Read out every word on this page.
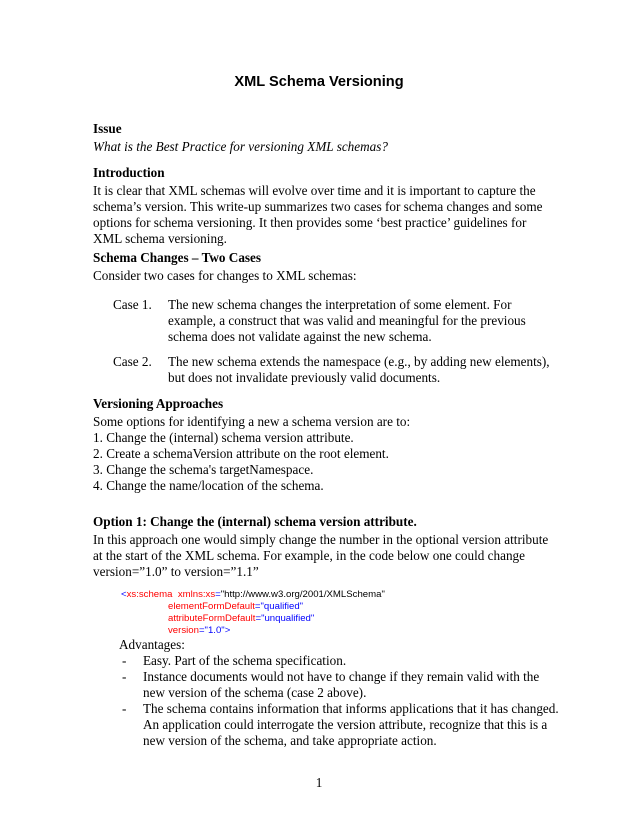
XML Schema Versioning

Issue

What is the Best Practice for versioning XML schemas?

Introduction

It is clear that XML schemas will evolve over time and it is important to capture the schema’s version. This write-up summarizes two cases for schema changes and some options for schema versioning. It then provides some ‘best practice’ guidelines for XML schema versioning.

Schema Changes – Two Cases

Consider two cases for changes to XML schemas:

Case 1.	The new schema changes the interpretation of some element. For example, a construct that was valid and meaningful for the previous schema does not validate against the new schema.
Case 2.	The new schema extends the namespace (e.g., by adding new elements), but does not invalidate previously valid documents.

Versioning Approaches

Some options for identifying a new a schema version are to:

1. Change the (internal) schema version attribute.
2. Create a schemaVersion attribute on the root element.
3. Change the schema's targetNamespace.
4. Change the name/location of the schema.

Option 1: Change the (internal) schema version attribute.

In this approach one would simply change the number in the optional version attribute at the start of the XML schema. For example, in the code below one could change version=”1.0” to version=”1.1”

<xs:schema xmlns:xs="http://www.w3.org/2001/XMLSchema"
elementFormDefault="qualified"
attributeFormDefault="unqualified"
version="1.0">

Advantages:

- Easy. Part of the schema specification.
- Instance documents would not have to change if they remain valid with the new version of the schema (case 2 above).
- The schema contains information that informs applications that it has changed. An application could interrogate the version attribute, recognize that this is a new version of the schema, and take appropriate action.
1
